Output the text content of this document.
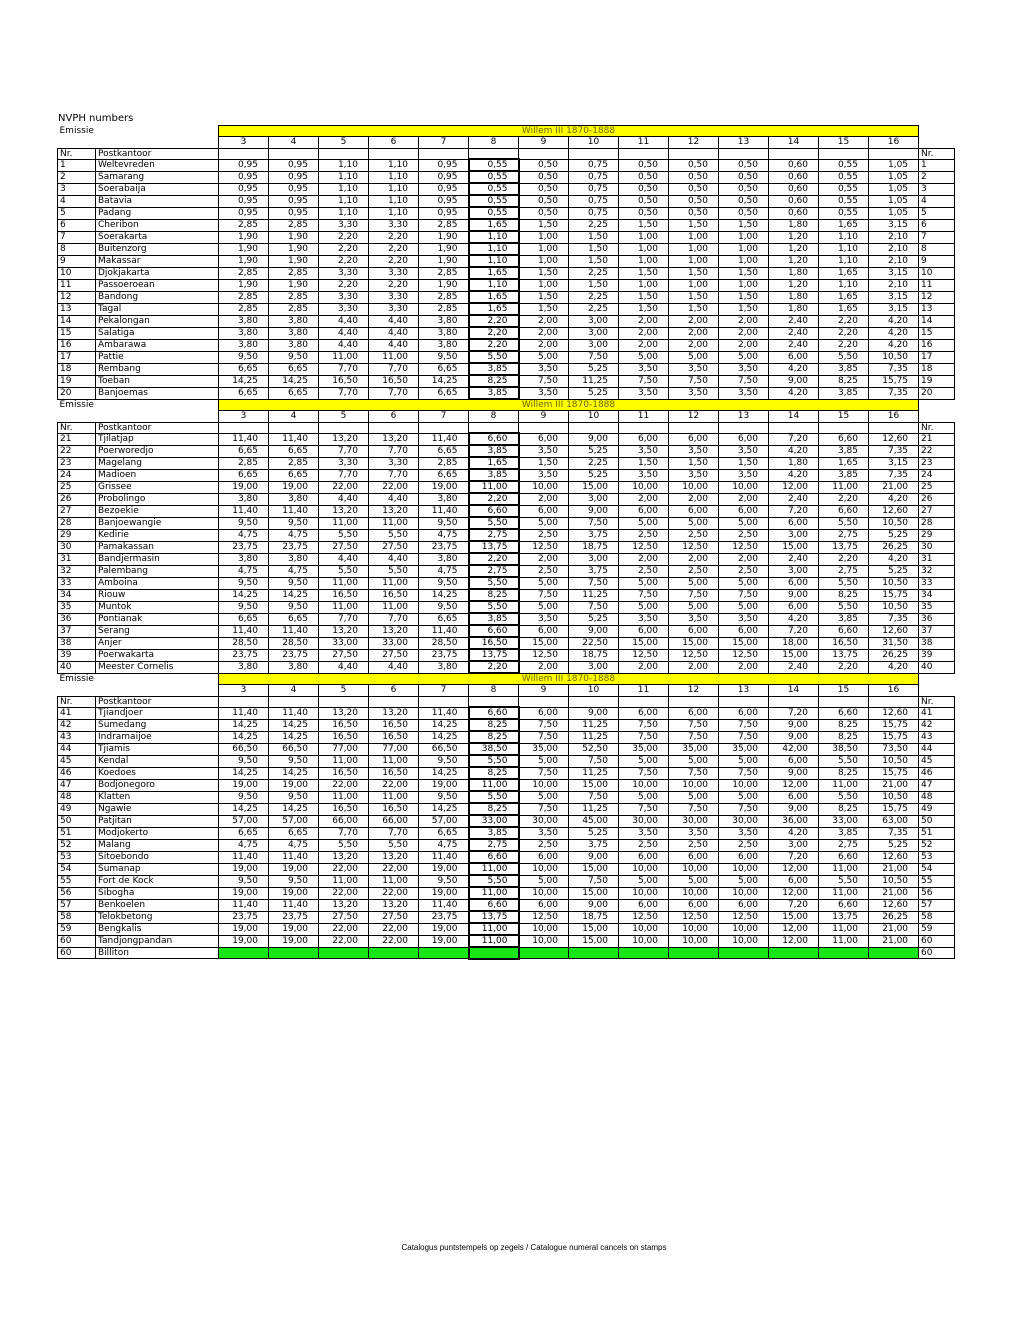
NVPH numbers
Emissie		Willem III 1870-1888														
		3	4	5	6	7	8	9	10	11	12	13	14	15	16	
Nr.	Postkantoor															Nr.
1	Weltevreden	0,95	0,95	1,10	1,10	0,95	0,55	0,50	0,75	0,50	0,50	0,50	0,60	0,55	1,05	1
2	Samarang	0,95	0,95	1,10	1,10	0,95	0,55	0,50	0,75	0,50	0,50	0,50	0,60	0,55	1,05	2
3	Soerabaija	0,95	0,95	1,10	1,10	0,95	0,55	0,50	0,75	0,50	0,50	0,50	0,60	0,55	1,05	3
4	Batavia	0,95	0,95	1,10	1,10	0,95	0,55	0,50	0,75	0,50	0,50	0,50	0,60	0,55	1,05	4
5	Padang	0,95	0,95	1,10	1,10	0,95	0,55	0,50	0,75	0,50	0,50	0,50	0,60	0,55	1,05	5
6	Cheribon	2,85	2,85	3,30	3,30	2,85	1,65	1,50	2,25	1,50	1,50	1,50	1,80	1,65	3,15	6
7	Soerakarta	1,90	1,90	2,20	2,20	1,90	1,10	1,00	1,50	1,00	1,00	1,00	1,20	1,10	2,10	7
8	Buitenzorg	1,90	1,90	2,20	2,20	1,90	1,10	1,00	1,50	1,00	1,00	1,00	1,20	1,10	2,10	8
9	Makassar	1,90	1,90	2,20	2,20	1,90	1,10	1,00	1,50	1,00	1,00	1,00	1,20	1,10	2,10	9
10	Djokjakarta	2,85	2,85	3,30	3,30	2,85	1,65	1,50	2,25	1,50	1,50	1,50	1,80	1,65	3,15	10
11	Passoeroean	1,90	1,90	2,20	2,20	1,90	1,10	1,00	1,50	1,00	1,00	1,00	1,20	1,10	2,10	11
12	Bandong	2,85	2,85	3,30	3,30	2,85	1,65	1,50	2,25	1,50	1,50	1,50	1,80	1,65	3,15	12
13	Tagal	2,85	2,85	3,30	3,30	2,85	1,65	1,50	2,25	1,50	1,50	1,50	1,80	1,65	3,15	13
14	Pekalongan	3,80	3,80	4,40	4,40	3,80	2,20	2,00	3,00	2,00	2,00	2,00	2,40	2,20	4,20	14
15	Salatiga	3,80	3,80	4,40	4,40	3,80	2,20	2,00	3,00	2,00	2,00	2,00	2,40	2,20	4,20	15
16	Ambarawa	3,80	3,80	4,40	4,40	3,80	2,20	2,00	3,00	2,00	2,00	2,00	2,40	2,20	4,20	16
17	Pattie	9,50	9,50	11,00	11,00	9,50	5,50	5,00	7,50	5,00	5,00	5,00	6,00	5,50	10,50	17
18	Rembang	6,65	6,65	7,70	7,70	6,65	3,85	3,50	5,25	3,50	3,50	3,50	4,20	3,85	7,35	18
19	Toeban	14,25	14,25	16,50	16,50	14,25	8,25	7,50	11,25	7,50	7,50	7,50	9,00	8,25	15,75	19
20	Banjoemas	6,65	6,65	7,70	7,70	6,65	3,85	3,50	5,25	3,50	3,50	3,50	4,20	3,85	7,35	20
Emissie		Willem III 1870-1888														
		3	4	5	6	7	8	9	10	11	12	13	14	15	16	
Nr.	Postkantoor															Nr.
21	Tjilatjap	11,40	11,40	13,20	13,20	11,40	6,60	6,00	9,00	6,00	6,00	6,00	7,20	6,60	12,60	21
22	Poerworedjo	6,65	6,65	7,70	7,70	6,65	3,85	3,50	5,25	3,50	3,50	3,50	4,20	3,85	7,35	22
23	Magelang	2,85	2,85	3,30	3,30	2,85	1,65	1,50	2,25	1,50	1,50	1,50	1,80	1,65	3,15	23
24	Madioen	6,65	6,65	7,70	7,70	6,65	3,85	3,50	5,25	3,50	3,50	3,50	4,20	3,85	7,35	24
25	Grissee	19,00	19,00	22,00	22,00	19,00	11,00	10,00	15,00	10,00	10,00	10,00	12,00	11,00	21,00	25
26	Probolingo	3,80	3,80	4,40	4,40	3,80	2,20	2,00	3,00	2,00	2,00	2,00	2,40	2,20	4,20	26
27	Bezoekie	11,40	11,40	13,20	13,20	11,40	6,60	6,00	9,00	6,00	6,00	6,00	7,20	6,60	12,60	27
28	Banjoewangie	9,50	9,50	11,00	11,00	9,50	5,50	5,00	7,50	5,00	5,00	5,00	6,00	5,50	10,50	28
29	Kedirie	4,75	4,75	5,50	5,50	4,75	2,75	2,50	3,75	2,50	2,50	2,50	3,00	2,75	5,25	29
30	Pamakassan	23,75	23,75	27,50	27,50	23,75	13,75	12,50	18,75	12,50	12,50	12,50	15,00	13,75	26,25	30
31	Bandjermasin	3,80	3,80	4,40	4,40	3,80	2,20	2,00	3,00	2,00	2,00	2,00	2,40	2,20	4,20	31
32	Palembang	4,75	4,75	5,50	5,50	4,75	2,75	2,50	3,75	2,50	2,50	2,50	3,00	2,75	5,25	32
33	Amboina	9,50	9,50	11,00	11,00	9,50	5,50	5,00	7,50	5,00	5,00	5,00	6,00	5,50	10,50	33
34	Riouw	14,25	14,25	16,50	16,50	14,25	8,25	7,50	11,25	7,50	7,50	7,50	9,00	8,25	15,75	34
35	Muntok	9,50	9,50	11,00	11,00	9,50	5,50	5,00	7,50	5,00	5,00	5,00	6,00	5,50	10,50	35
36	Pontianak	6,65	6,65	7,70	7,70	6,65	3,85	3,50	5,25	3,50	3,50	3,50	4,20	3,85	7,35	36
37	Serang	11,40	11,40	13,20	13,20	11,40	6,60	6,00	9,00	6,00	6,00	6,00	7,20	6,60	12,60	37
38	Anjer	28,50	28,50	33,00	33,00	28,50	16,50	15,00	22,50	15,00	15,00	15,00	18,00	16,50	31,50	38
39	Poerwakarta	23,75	23,75	27,50	27,50	23,75	13,75	12,50	18,75	12,50	12,50	12,50	15,00	13,75	26,25	39
40	Meester Cornelis	3,80	3,80	4,40	4,40	3,80	2,20	2,00	3,00	2,00	2,00	2,00	2,40	2,20	4,20	40
Emissie		Willem III 1870-1888														
		3	4	5	6	7	8	9	10	11	12	13	14	15	16	
Nr.	Postkantoor															Nr.
41	Tjiandjoer	11,40	11,40	13,20	13,20	11,40	6,60	6,00	9,00	6,00	6,00	6,00	7,20	6,60	12,60	41
42	Sumedang	14,25	14,25	16,50	16,50	14,25	8,25	7,50	11,25	7,50	7,50	7,50	9,00	8,25	15,75	42
43	Indramaijoe	14,25	14,25	16,50	16,50	14,25	8,25	7,50	11,25	7,50	7,50	7,50	9,00	8,25	15,75	43
44	Tjiamis	66,50	66,50	77,00	77,00	66,50	38,50	35,00	52,50	35,00	35,00	35,00	42,00	38,50	73,50	44
45	Kendal	9,50	9,50	11,00	11,00	9,50	5,50	5,00	7,50	5,00	5,00	5,00	6,00	5,50	10,50	45
46	Koedoes	14,25	14,25	16,50	16,50	14,25	8,25	7,50	11,25	7,50	7,50	7,50	9,00	8,25	15,75	46
47	Bodjonegoro	19,00	19,00	22,00	22,00	19,00	11,00	10,00	15,00	10,00	10,00	10,00	12,00	11,00	21,00	47
48	Klatten	9,50	9,50	11,00	11,00	9,50	5,50	5,00	7,50	5,00	5,00	5,00	6,00	5,50	10,50	48
49	Ngawie	14,25	14,25	16,50	16,50	14,25	8,25	7,50	11,25	7,50	7,50	7,50	9,00	8,25	15,75	49
50	Patjitan	57,00	57,00	66,00	66,00	57,00	33,00	30,00	45,00	30,00	30,00	30,00	36,00	33,00	63,00	50
51	Modjokerto	6,65	6,65	7,70	7,70	6,65	3,85	3,50	5,25	3,50	3,50	3,50	4,20	3,85	7,35	51
52	Malang	4,75	4,75	5,50	5,50	4,75	2,75	2,50	3,75	2,50	2,50	2,50	3,00	2,75	5,25	52
53	Sitoebondo	11,40	11,40	13,20	13,20	11,40	6,60	6,00	9,00	6,00	6,00	6,00	7,20	6,60	12,60	53
54	Sumanap	19,00	19,00	22,00	22,00	19,00	11,00	10,00	15,00	10,00	10,00	10,00	12,00	11,00	21,00	54
55	Fort de Kock	9,50	9,50	11,00	11,00	9,50	5,50	5,00	7,50	5,00	5,00	5,00	6,00	5,50	10,50	55
56	Sibogha	19,00	19,00	22,00	22,00	19,00	11,00	10,00	15,00	10,00	10,00	10,00	12,00	11,00	21,00	56
57	Benkoelen	11,40	11,40	13,20	13,20	11,40	6,60	6,00	9,00	6,00	6,00	6,00	7,20	6,60	12,60	57
58	Telokbetong	23,75	23,75	27,50	27,50	23,75	13,75	12,50	18,75	12,50	12,50	12,50	15,00	13,75	26,25	58
59	Bengkalis	19,00	19,00	22,00	22,00	19,00	11,00	10,00	15,00	10,00	10,00	10,00	12,00	11,00	21,00	59
60	Tandjongpandan	19,00	19,00	22,00	22,00	19,00	11,00	10,00	15,00	10,00	10,00	10,00	12,00	11,00	21,00	60
60	Billiton															60
Catalogus puntstempels op zegels / Catalogue numeral cancels on stamps
